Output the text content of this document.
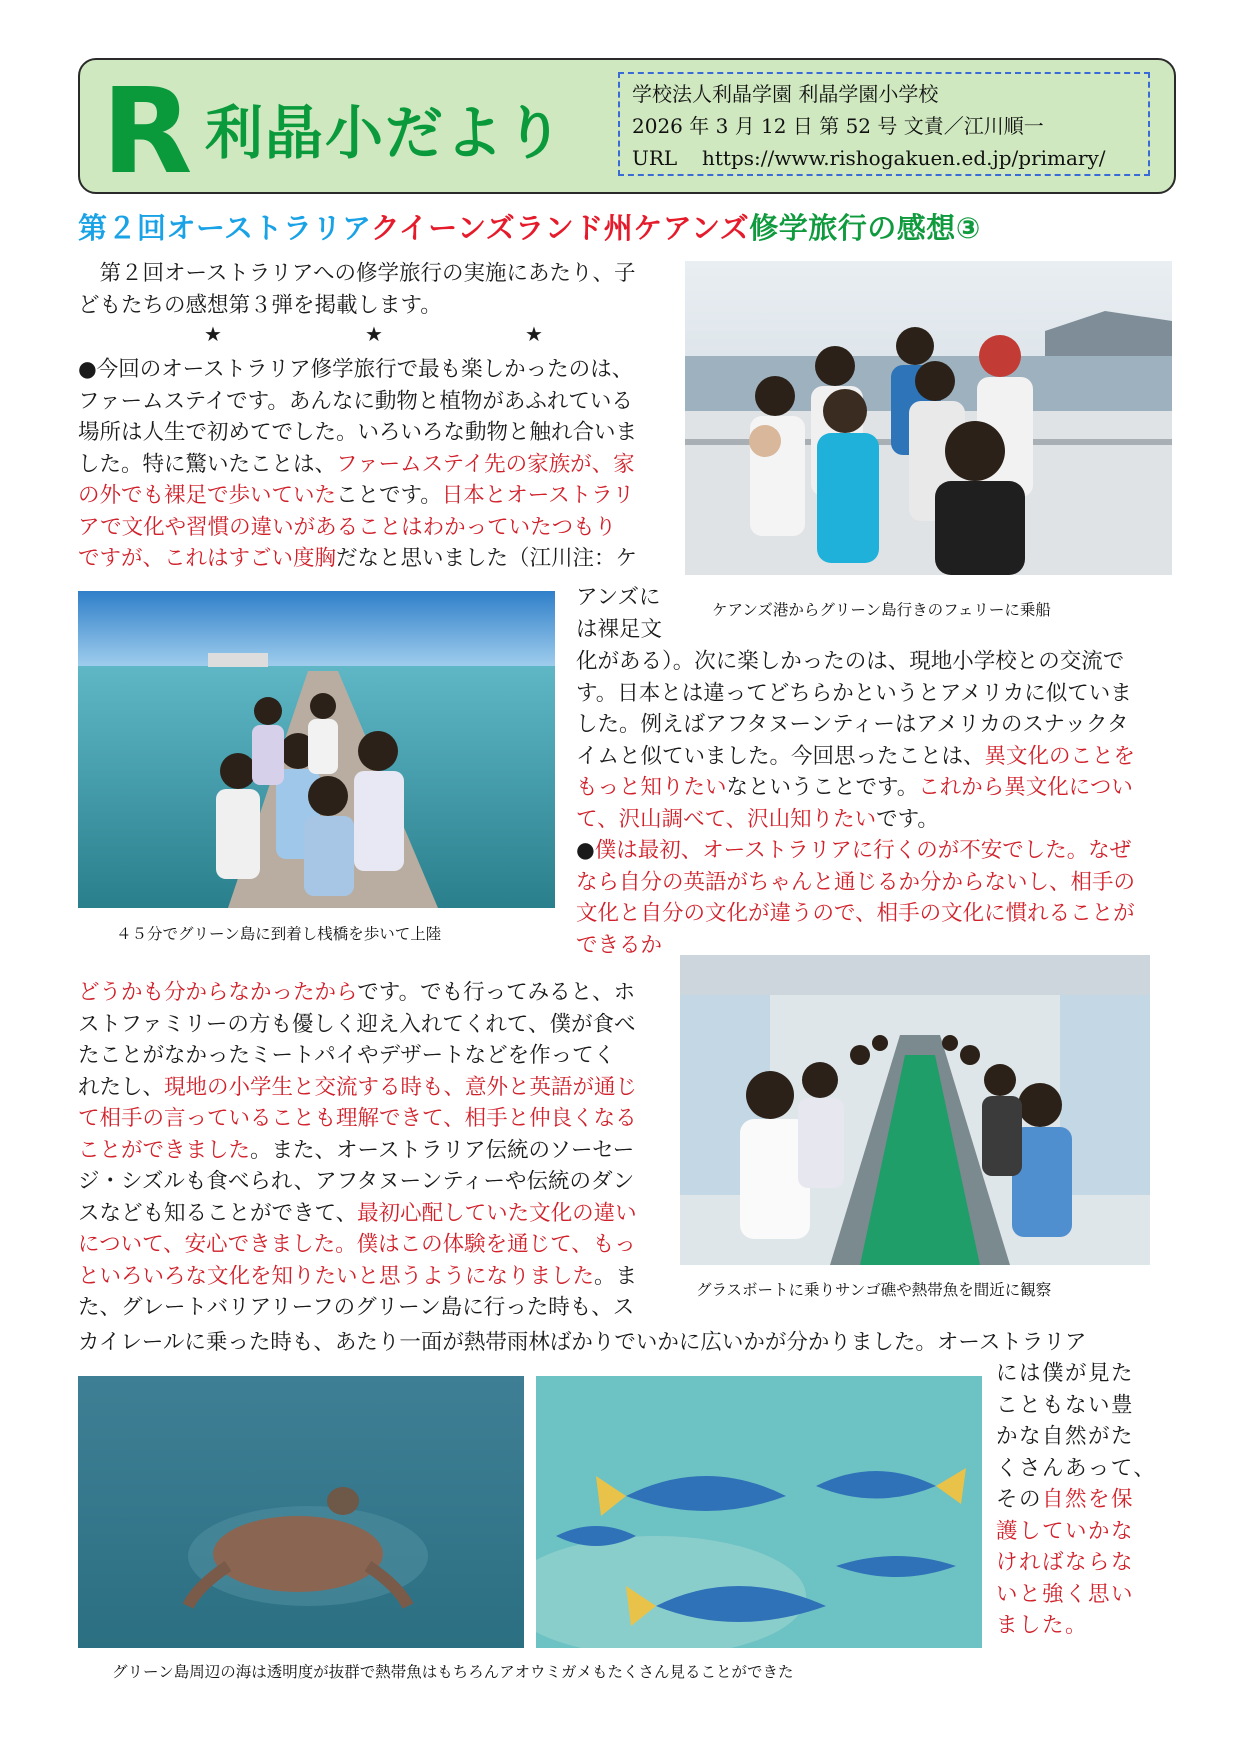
R 利晶小だより
学校法人利晶学園 利晶学園小学校
2026 年 3 月 12 日 第 52 号 文責／江川順一
URL https://www.rishogakuen.ed.jp/primary/
第２回オーストラリアクイーンズランド州ケアンズ修学旅行の感想③

　第２回オーストラリアへの修学旅行の実施にあたり、子

どもたちの感想第３弾を掲載します。

★	★	★

●今回のオーストラリア修学旅行で最も楽しかったのは、

ファームステイです。あんなに動物と植物があふれている

場所は人生で初めてでした。いろいろな動物と触れ合いま

した。特に驚いたことは、ファームステイ先の家族が、家

の外でも裸足で歩いていたことです。日本とオーストラリ

アで文化や習慣の違いがあることはわかっていたつもり

ですが、これはすごい度胸だなと思いました（江川注：ケ

アンズに

は裸足文

化がある）。次に楽しかったのは、現地小学校との交流で

す。日本とは違ってどちらかというとアメリカに似ていま

した。例えばアフタヌーンティーはアメリカのスナックタ

イムと似ていました。今回思ったことは、異文化のことを

もっと知りたいなということです。これから異文化につい

て、沢山調べて、沢山知りたいです。

●僕は最初、オーストラリアに行くのが不安でした。なぜ

なら自分の英語がちゃんと通じるか分からないし、相手の

文化と自分の文化が違うので、相手の文化に慣れることが

できるか

どうかも分からなかったからです。でも行ってみると、ホ

ストファミリーの方も優しく迎え入れてくれて、僕が食べ

たことがなかったミートパイやデザートなどを作ってく

れたし、現地の小学生と交流する時も、意外と英語が通じ

て相手の言っていることも理解できて、相手と仲良くなる

ことができました。また、オーストラリア伝統のソーセー

ジ・シズルも食べられ、アフタヌーンティーや伝統のダン

スなども知ることができて、最初心配していた文化の違い

について、安心できました。僕はこの体験を通じて、もっ

といろいろな文化を知りたいと思うようになりました。ま

た、グレートバリアリーフのグリーン島に行った時も、ス

カイレールに乗った時も、あたり一面が熱帯雨林ばかりでいかに広いかが分かりました。オーストラリア

には僕が見た

こともない豊

かな自然がた

くさんあって、

その自然を保

護していかな

ければならな

いと強く思い

ました。

ケアンズ港からグリーン島行きのフェリーに乗船
４５分でグリーン島に到着し桟橋を歩いて上陸
グラスボートに乗りサンゴ礁や熱帯魚を間近に観察
グリーン島周辺の海は透明度が抜群で熱帯魚はもちろんアオウミガメもたくさん見ることができた
